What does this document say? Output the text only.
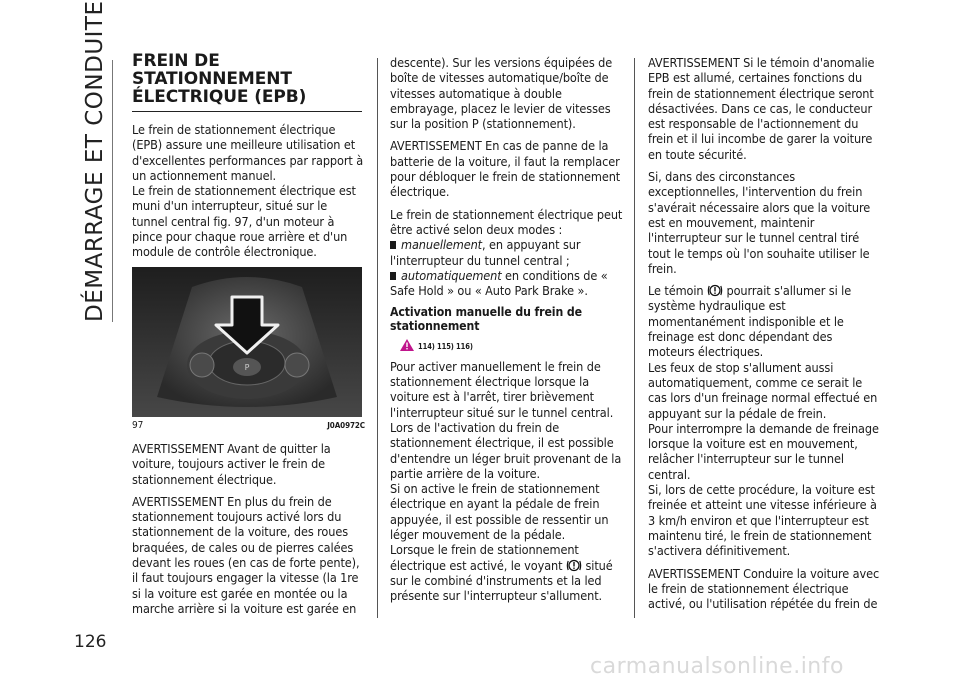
DÉMARRAGE ET CONDUITE
126
FREIN DE
STATIONNEMENT
ÉLECTRIQUE (EPB)

Le frein de stationnement électrique (EPB) assure une meilleure utilisation et d'excellentes performances par rapport à un actionnement manuel.

Le frein de stationnement électrique est muni d'un interrupteur, situé sur le tunnel central fig. 97, d'un moteur à pince pour chaque roue arrière et d'un module de contrôle électronique.

P
97	J0A0972C

AVERTISSEMENT Avant de quitter la voiture, toujours activer le frein de stationnement électrique.

AVERTISSEMENT En plus du frein de stationnement toujours activé lors du stationnement de la voiture, des roues braquées, de cales ou de pierres calées devant les roues (en cas de forte pente), il faut toujours engager la vitesse (la 1re si la voiture est garée en montée ou la marche arrière si la voiture est garée en

descente). Sur les versions équipées de boîte de vitesses automatique/boîte de vitesses automatique à double embrayage, placez le levier de vitesses sur la position P (stationnement).

AVERTISSEMENT En cas de panne de la batterie de la voiture, il faut la remplacer pour débloquer le frein de stationnement électrique.

Le frein de stationnement électrique peut être activé selon deux modes :

manuellement, en appuyant sur l'interrupteur du tunnel central ;
automatiquement en conditions de « Safe Hold » ou « Auto Park Brake ».
Activation manuelle du frein de stationnement
114) 115) 116)

Pour activer manuellement le frein de stationnement électrique lorsque la voiture est à l'arrêt, tirer brièvement l'interrupteur situé sur le tunnel central.

Lors de l'activation du frein de stationnement électrique, il est possible d'entendre un léger bruit provenant de la partie arrière de la voiture.

Si on active le frein de stationnement électrique en ayant la pédale de frein appuyée, il est possible de ressentir un léger mouvement de la pédale.

Lorsque le frein de stationnement électrique est activé, le voyant  situé sur le combiné d'instruments et la led présente sur l'interrupteur s'allument.

AVERTISSEMENT Si le témoin d'anomalie EPB est allumé, certaines fonctions du frein de stationnement électrique seront désactivées. Dans ce cas, le conducteur est responsable de l'actionnement du frein et il lui incombe de garer la voiture en toute sécurité.

Si, dans des circonstances exceptionnelles, l'intervention du frein s'avérait nécessaire alors que la voiture est en mouvement, maintenir l'interrupteur sur le tunnel central tiré tout le temps où l'on souhaite utiliser le frein.

Le témoin  pourrait s'allumer si le système hydraulique est momentanément indisponible et le freinage est donc dépendant des moteurs électriques.

Les feux de stop s'allument aussi automatiquement, comme ce serait le cas lors d'un freinage normal effectué en appuyant sur la pédale de frein.

Pour interrompre la demande de freinage lorsque la voiture est en mouvement, relâcher l'interrupteur sur le tunnel central.

Si, lors de cette procédure, la voiture est freinée et atteint une vitesse inférieure à 3 km/h environ et que l'interrupteur est maintenu tiré, le frein de stationnement s'activera définitivement.

AVERTISSEMENT Conduire la voiture avec le frein de stationnement électrique activé, ou l'utilisation répétée du frein de

carmanualsonline.info
